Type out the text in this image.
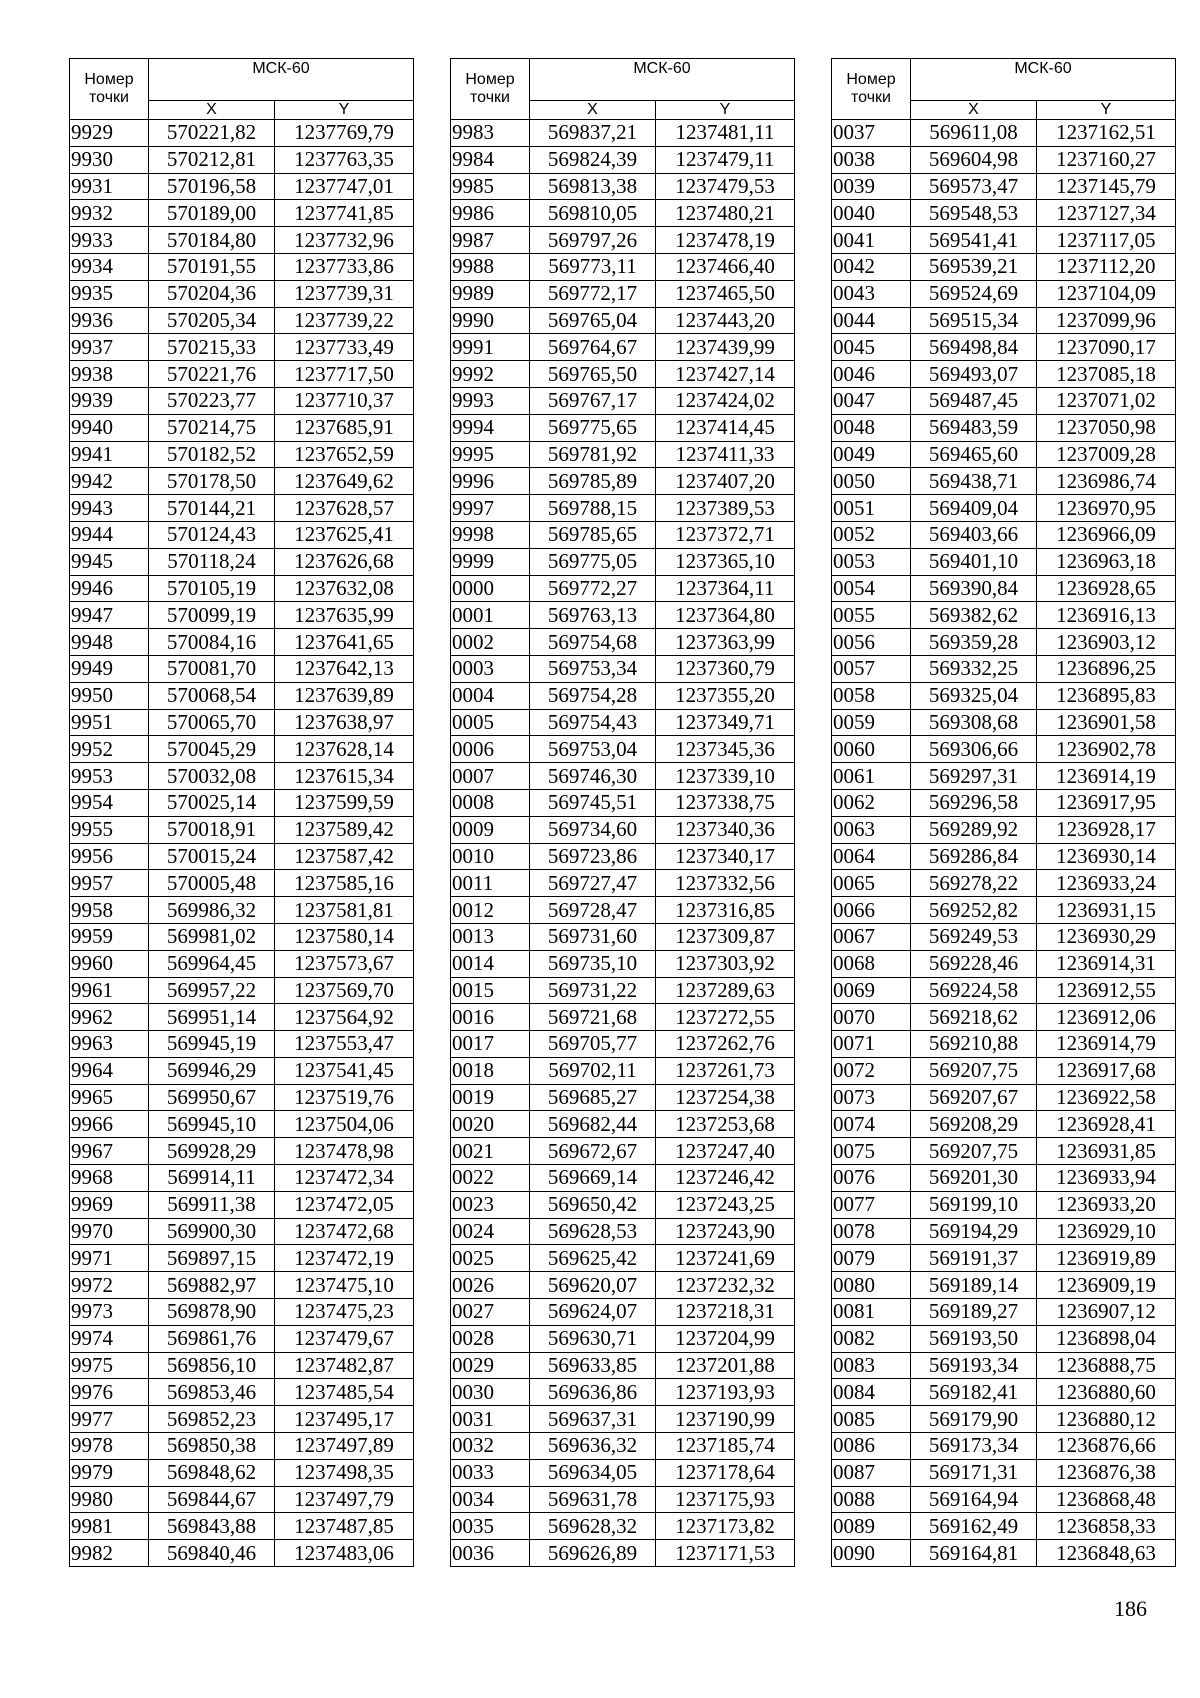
Номер точки	МСК-60	
	X	Y
9929	570221,82	1237769,79
9930	570212,81	1237763,35
9931	570196,58	1237747,01
9932	570189,00	1237741,85
9933	570184,80	1237732,96
9934	570191,55	1237733,86
9935	570204,36	1237739,31
9936	570205,34	1237739,22
9937	570215,33	1237733,49
9938	570221,76	1237717,50
9939	570223,77	1237710,37
9940	570214,75	1237685,91
9941	570182,52	1237652,59
9942	570178,50	1237649,62
9943	570144,21	1237628,57
9944	570124,43	1237625,41
9945	570118,24	1237626,68
9946	570105,19	1237632,08
9947	570099,19	1237635,99
9948	570084,16	1237641,65
9949	570081,70	1237642,13
9950	570068,54	1237639,89
9951	570065,70	1237638,97
9952	570045,29	1237628,14
9953	570032,08	1237615,34
9954	570025,14	1237599,59
9955	570018,91	1237589,42
9956	570015,24	1237587,42
9957	570005,48	1237585,16
9958	569986,32	1237581,81
9959	569981,02	1237580,14
9960	569964,45	1237573,67
9961	569957,22	1237569,70
9962	569951,14	1237564,92
9963	569945,19	1237553,47
9964	569946,29	1237541,45
9965	569950,67	1237519,76
9966	569945,10	1237504,06
9967	569928,29	1237478,98
9968	569914,11	1237472,34
9969	569911,38	1237472,05
9970	569900,30	1237472,68
9971	569897,15	1237472,19
9972	569882,97	1237475,10
9973	569878,90	1237475,23
9974	569861,76	1237479,67
9975	569856,10	1237482,87
9976	569853,46	1237485,54
9977	569852,23	1237495,17
9978	569850,38	1237497,89
9979	569848,62	1237498,35
9980	569844,67	1237497,79
9981	569843,88	1237487,85
9982	569840,46	1237483,06
Номер точки	МСК-60	
	X	Y
9983	569837,21	1237481,11
9984	569824,39	1237479,11
9985	569813,38	1237479,53
9986	569810,05	1237480,21
9987	569797,26	1237478,19
9988	569773,11	1237466,40
9989	569772,17	1237465,50
9990	569765,04	1237443,20
9991	569764,67	1237439,99
9992	569765,50	1237427,14
9993	569767,17	1237424,02
9994	569775,65	1237414,45
9995	569781,92	1237411,33
9996	569785,89	1237407,20
9997	569788,15	1237389,53
9998	569785,65	1237372,71
9999	569775,05	1237365,10
0000	569772,27	1237364,11
0001	569763,13	1237364,80
0002	569754,68	1237363,99
0003	569753,34	1237360,79
0004	569754,28	1237355,20
0005	569754,43	1237349,71
0006	569753,04	1237345,36
0007	569746,30	1237339,10
0008	569745,51	1237338,75
0009	569734,60	1237340,36
0010	569723,86	1237340,17
0011	569727,47	1237332,56
0012	569728,47	1237316,85
0013	569731,60	1237309,87
0014	569735,10	1237303,92
0015	569731,22	1237289,63
0016	569721,68	1237272,55
0017	569705,77	1237262,76
0018	569702,11	1237261,73
0019	569685,27	1237254,38
0020	569682,44	1237253,68
0021	569672,67	1237247,40
0022	569669,14	1237246,42
0023	569650,42	1237243,25
0024	569628,53	1237243,90
0025	569625,42	1237241,69
0026	569620,07	1237232,32
0027	569624,07	1237218,31
0028	569630,71	1237204,99
0029	569633,85	1237201,88
0030	569636,86	1237193,93
0031	569637,31	1237190,99
0032	569636,32	1237185,74
0033	569634,05	1237178,64
0034	569631,78	1237175,93
0035	569628,32	1237173,82
0036	569626,89	1237171,53
Номер точки	МСК-60	
	X	Y
0037	569611,08	1237162,51
0038	569604,98	1237160,27
0039	569573,47	1237145,79
0040	569548,53	1237127,34
0041	569541,41	1237117,05
0042	569539,21	1237112,20
0043	569524,69	1237104,09
0044	569515,34	1237099,96
0045	569498,84	1237090,17
0046	569493,07	1237085,18
0047	569487,45	1237071,02
0048	569483,59	1237050,98
0049	569465,60	1237009,28
0050	569438,71	1236986,74
0051	569409,04	1236970,95
0052	569403,66	1236966,09
0053	569401,10	1236963,18
0054	569390,84	1236928,65
0055	569382,62	1236916,13
0056	569359,28	1236903,12
0057	569332,25	1236896,25
0058	569325,04	1236895,83
0059	569308,68	1236901,58
0060	569306,66	1236902,78
0061	569297,31	1236914,19
0062	569296,58	1236917,95
0063	569289,92	1236928,17
0064	569286,84	1236930,14
0065	569278,22	1236933,24
0066	569252,82	1236931,15
0067	569249,53	1236930,29
0068	569228,46	1236914,31
0069	569224,58	1236912,55
0070	569218,62	1236912,06
0071	569210,88	1236914,79
0072	569207,75	1236917,68
0073	569207,67	1236922,58
0074	569208,29	1236928,41
0075	569207,75	1236931,85
0076	569201,30	1236933,94
0077	569199,10	1236933,20
0078	569194,29	1236929,10
0079	569191,37	1236919,89
0080	569189,14	1236909,19
0081	569189,27	1236907,12
0082	569193,50	1236898,04
0083	569193,34	1236888,75
0084	569182,41	1236880,60
0085	569179,90	1236880,12
0086	569173,34	1236876,66
0087	569171,31	1236876,38
0088	569164,94	1236868,48
0089	569162,49	1236858,33
0090	569164,81	1236848,63
186
